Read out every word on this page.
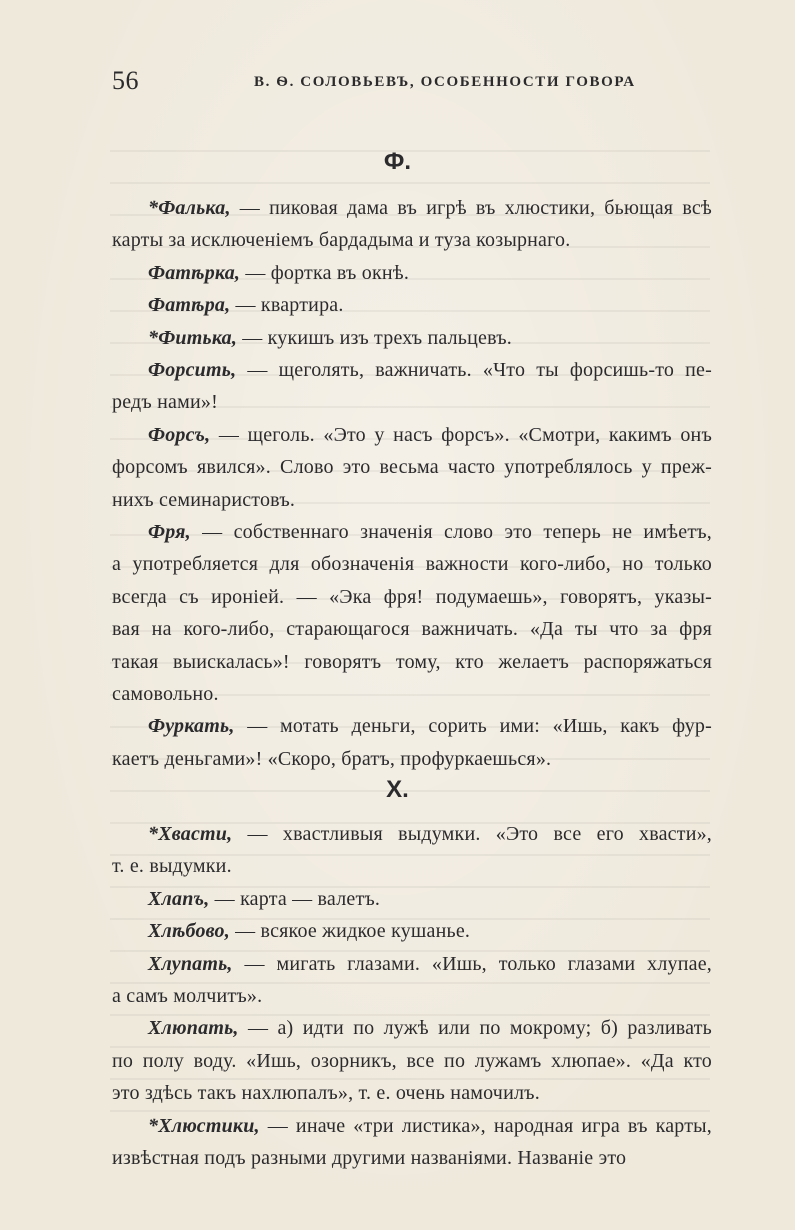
56	В. Ѳ. СОЛОВЬЕВЪ, ОСОБЕННОСТИ ГОВОРА
Ф.
*Фалька, — пиковая дама въ игрѣ въ хлюстики, бьющая всѣ
карты за исключеніемъ бардадыма и туза козырнаго.
Фатѣрка, — фортка въ окнѣ.
Фатѣра, — квартира.
*Фитька, — кукишъ изъ трехъ пальцевъ.
Форсить, — щеголять, важничать. «Что ты форсишь-то пе-
редъ нами»!
Форсъ, — щеголь. «Это у насъ форсъ». «Смотри, какимъ онъ
форсомъ явился». Слово это весьма часто употреблялось у преж-
нихъ семинаристовъ.
Фря, — собственнаго значенія слово это теперь не имѣетъ,
а употребляется для обозначенія важности кого-либо, но только
всегда съ ироніей. — «Эка фря! подумаешь», говорятъ, указы-
вая на кого-либо, старающагося важничать. «Да ты что за фря
такая выискалась»! говорятъ тому, кто желаетъ распоряжаться
самовольно.
Фуркать, — мотать деньги, сорить ими: «Ишь, какъ фур-
каетъ деньгами»! «Скоро, братъ, профуркаешься».
Х.
*Хвасти, — хвастливыя выдумки. «Это все его хвасти»,
т. е. выдумки.
Хлапъ, — карта — валетъ.
Хлѣбово, — всякое жидкое кушанье.
Хлупать, — мигать глазами. «Ишь, только глазами хлупае,
а самъ молчитъ».
Хлюпать, — а) идти по лужѣ или по мокрому; б) разливать
по полу воду. «Ишь, озорникъ, все по лужамъ хлюпае». «Да кто
это здѣсь такъ нахлюпалъ», т. е. очень намочилъ.
*Хлюстики, — иначе «три листика», народная игра въ карты,
извѣстная подъ разными другими названіями. Названіе это
